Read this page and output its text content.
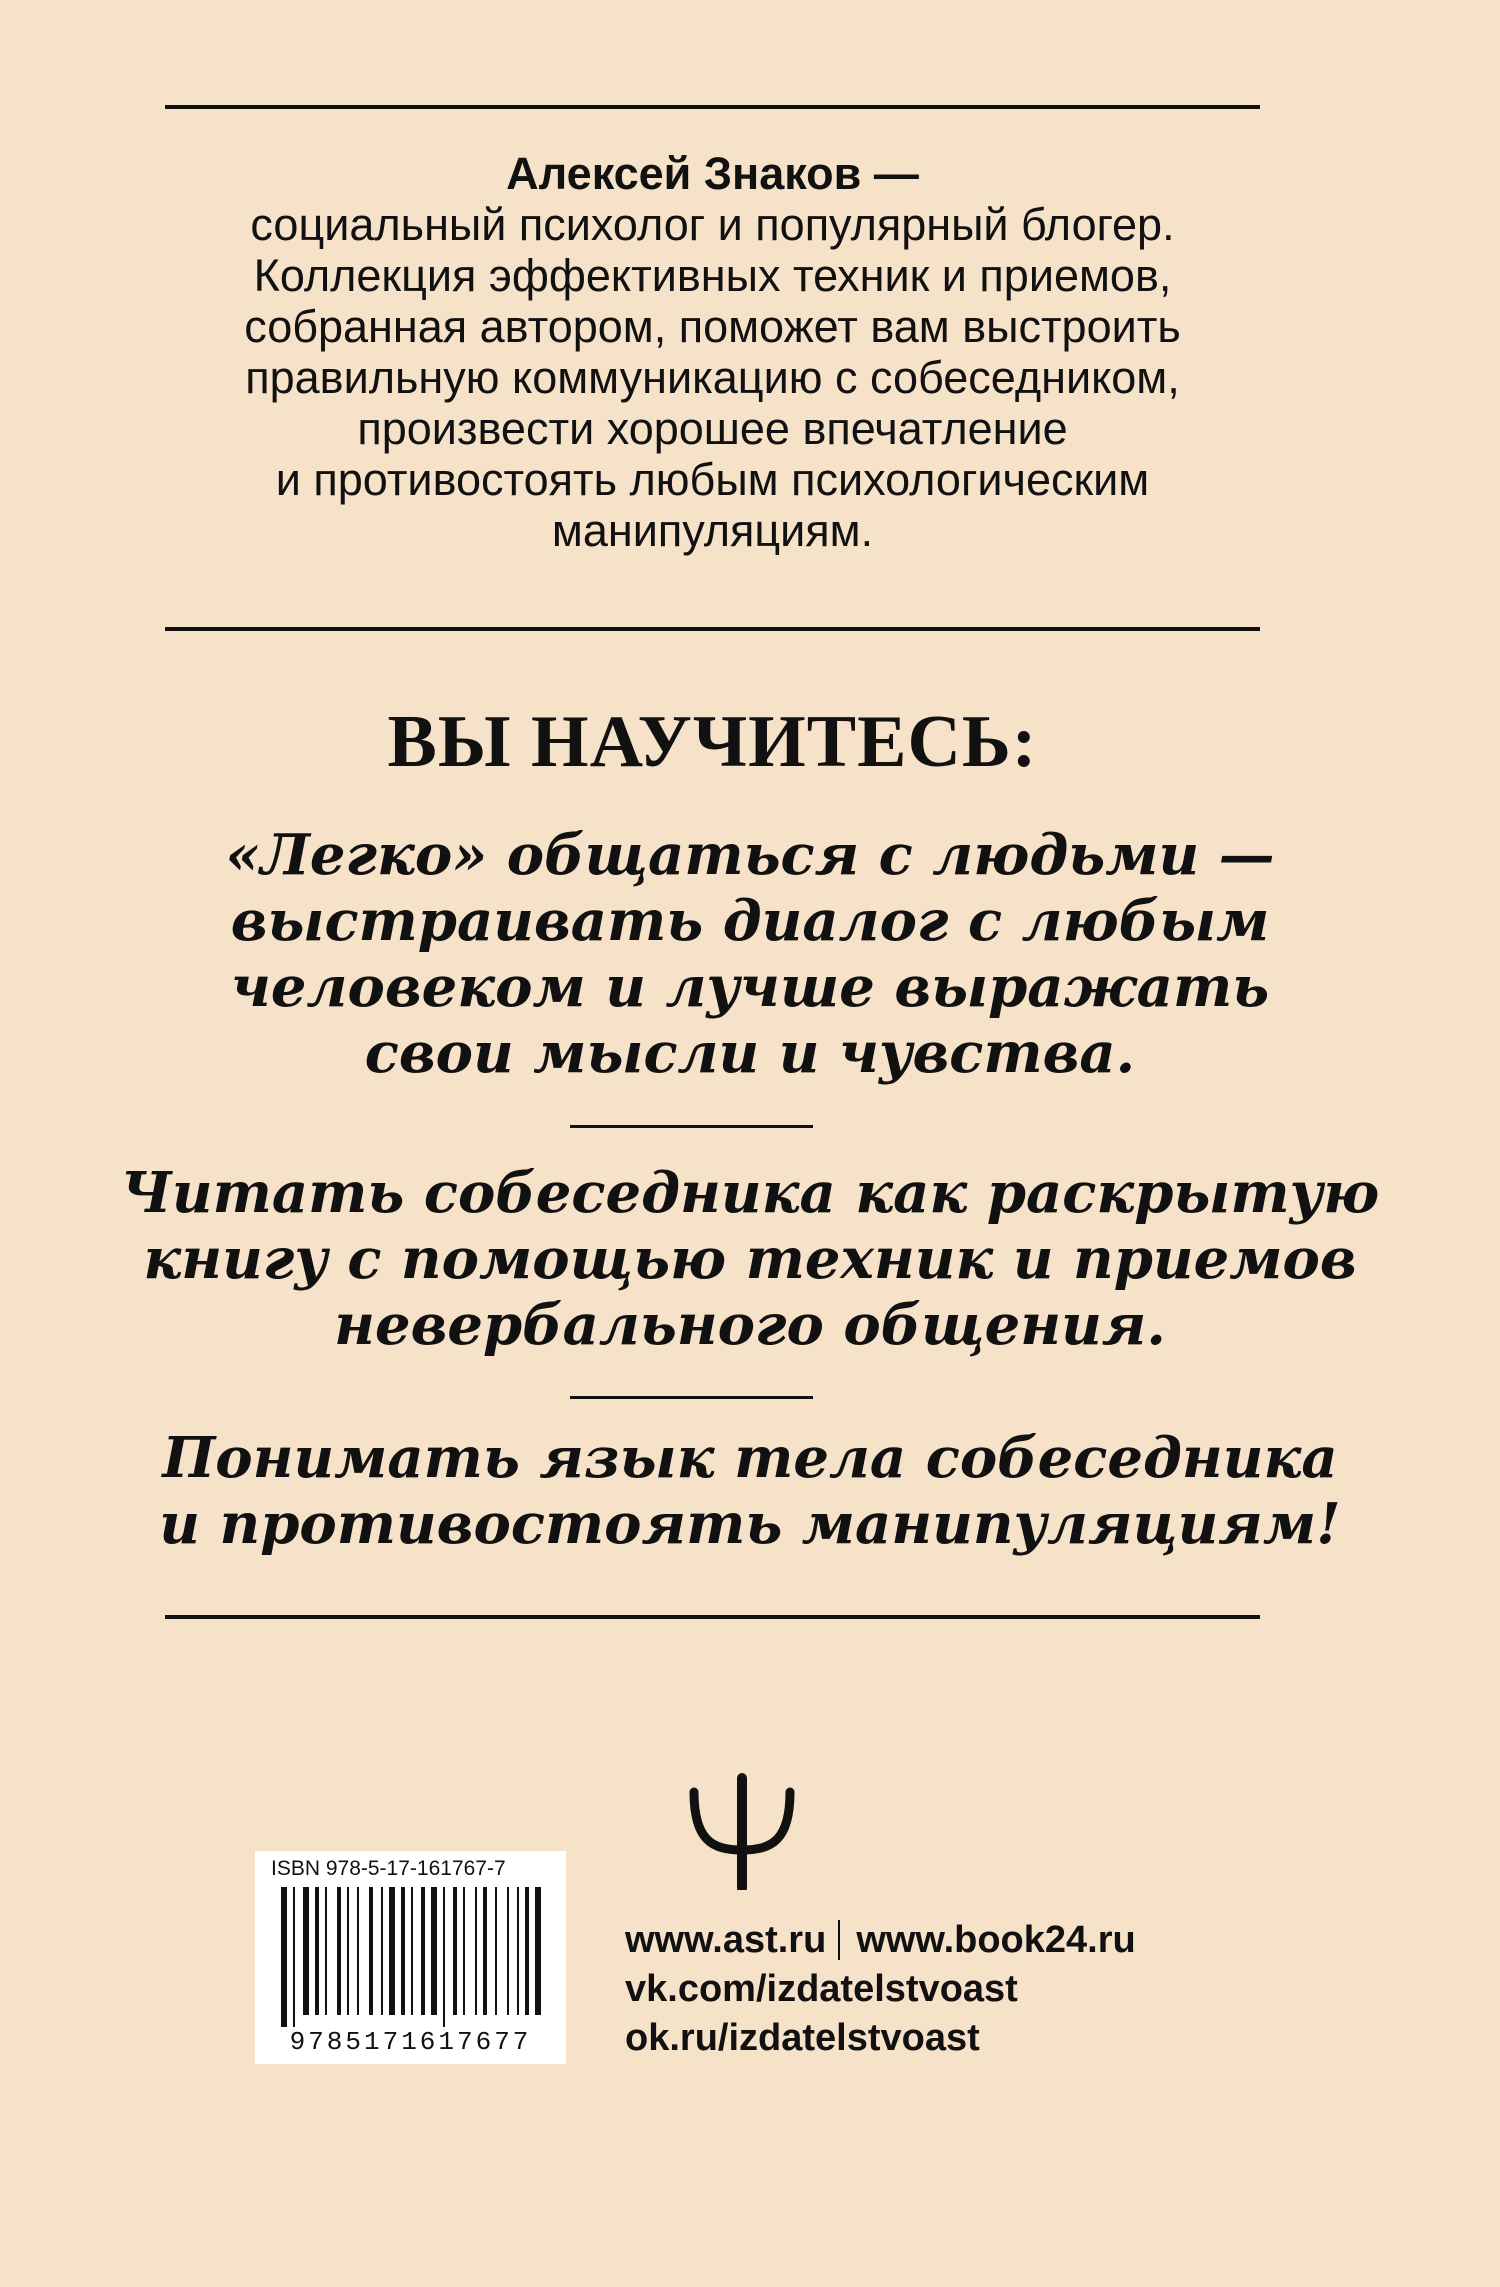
Алексей Знаков —
социальный психолог и популярный блогер.
Коллекция эффективных техник и приемов,
собранная автором, поможет вам выстроить
правильную коммуникацию с собеседником,
произвести хорошее впечатление
и противостоять любым психологическим
манипуляциям.
ВЫ НАУЧИТЕСЬ:
«Легко» общаться с людьми —
выстраивать диалог с любым
человеком и лучше выражать
свои мысли и чувства.
Читать собеседника как раскрытую
книгу с помощью техник и приемов
невербального общения.
Понимать язык тела собеседника
и противостоять манипуляциям!
ISBN 978-5-17-161767-7
9785171617677
www.ast.ru www.book24.ru
vk.com/izdatelstvoast
ok.ru/izdatelstvoast
